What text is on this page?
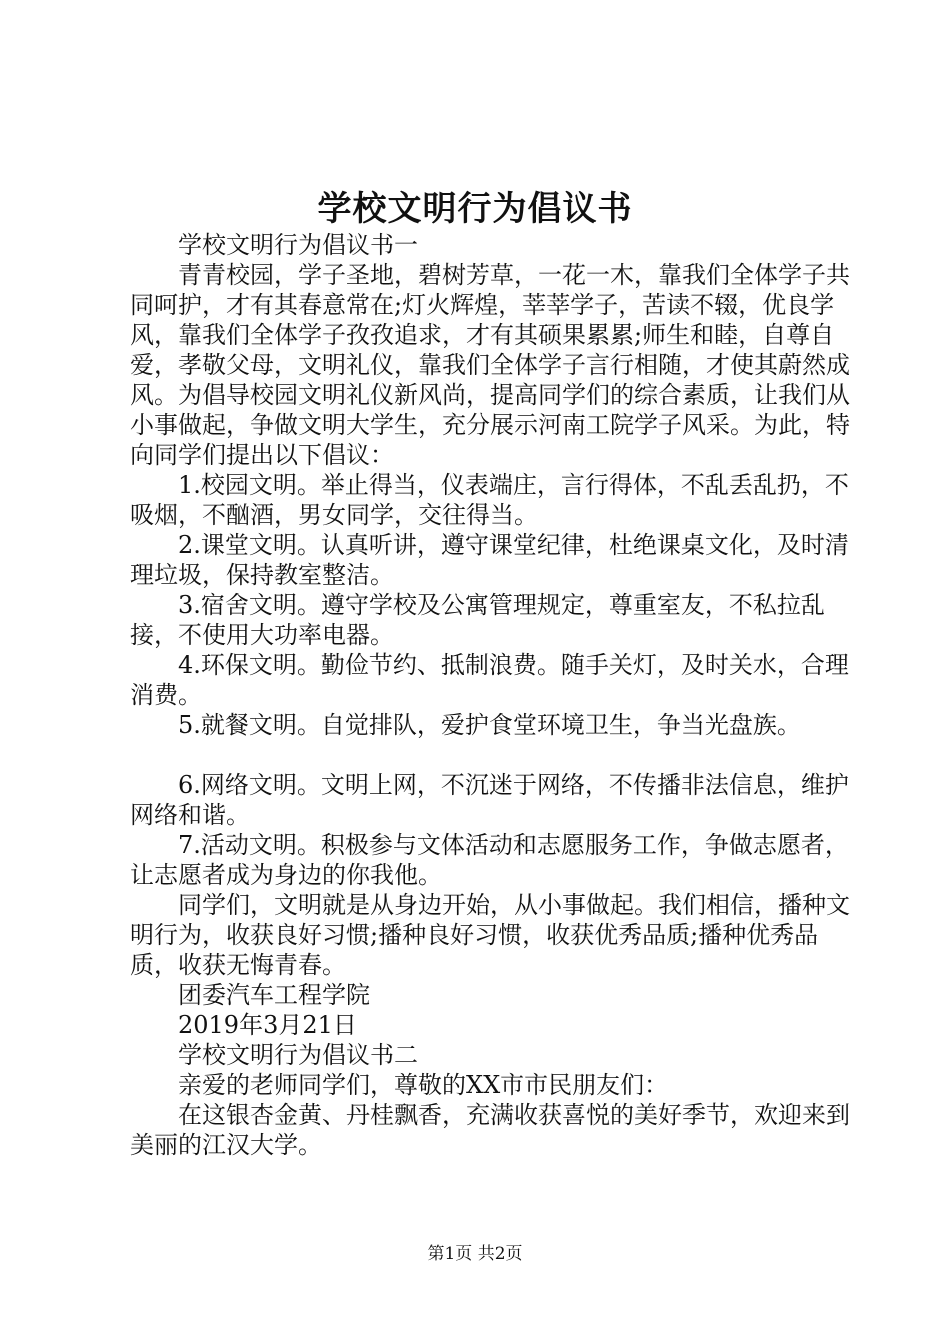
学校文明行为倡议书

学校文明行为倡议书一

青青校园，学子圣地，碧树芳草，一花一木，靠我们全体学子共同呵护，才有其春意常在;灯火辉煌，莘莘学子，苦读不辍，优良学风，靠我们全体学子孜孜追求，才有其硕果累累;师生和睦，自尊自爱，孝敬父母，文明礼仪，靠我们全体学子言行相随，才使其蔚然成风。为倡导校园文明礼仪新风尚，提高同学们的综合素质，让我们从小事做起，争做文明大学生，充分展示河南工院学子风采。为此，特向同学们提出以下倡议：

1.校园文明。举止得当，仪表端庄，言行得体，不乱丢乱扔，不吸烟，不酗酒，男女同学，交往得当。

2.课堂文明。认真听讲，遵守课堂纪律，杜绝课桌文化，及时清理垃圾，保持教室整洁。

3.宿舍文明。遵守学校及公寓管理规定，尊重室友，不私拉乱接，不使用大功率电器。

4.环保文明。勤俭节约、抵制浪费。随手关灯，及时关水，合理消费。

5.就餐文明。自觉排队，爱护食堂环境卫生，争当光盘族。

6.网络文明。文明上网，不沉迷于网络，不传播非法信息，维护网络和谐。

7.活动文明。积极参与文体活动和志愿服务工作，争做志愿者，让志愿者成为身边的你我他。

同学们，文明就是从身边开始，从小事做起。我们相信，播种文明行为，收获良好习惯;播种良好习惯，收获优秀品质;播种优秀品质，收获无悔青春。

团委汽车工程学院

2019年3月21日

学校文明行为倡议书二

亲爱的老师同学们，尊敬的XX市市民朋友们：

在这银杏金黄、丹桂飘香，充满收获喜悦的美好季节，欢迎来到美丽的江汉大学。

第1页 共2页
